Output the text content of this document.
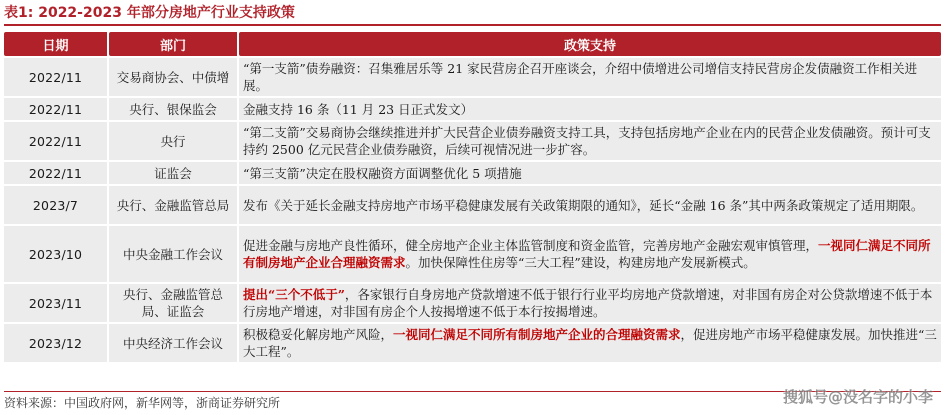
表1: 2022-2023 年部分房地产行业支持政策
日期	部门	政策支持
2022/11	交易商协会、中债增	“第一支箭”债券融资：召集雅居乐等 21 家民营房企召开座谈会，介绍中债增进公司增信支持民营房企发债融资工作相关进展。
2022/11	央行、银保监会	金融支持 16 条（11 月 23 日正式发文）
2022/11	央行	“第二支箭”交易商协会继续推进并扩大民营企业债券融资支持工具，支持包括房地产企业在内的民营企业发债融资。预计可支持约 2500 亿元民营企业债券融资，后续可视情况进一步扩容。
2022/11	证监会	“第三支箭”决定在股权融资方面调整优化 5 项措施
2023/7	央行、金融监管总局	发布《关于延长金融支持房地产市场平稳健康发展有关政策期限的通知》，延长“金融 16 条”其中两条政策规定了适用期限。
2023/10	中央金融工作会议	促进金融与房地产良性循环，健全房地产企业主体监管制度和资金监管，完善房地产金融宏观审慎管理，一视同仁满足不同所有制房地产企业合理融资需求。加快保障性住房等“三大工程”建设，构建房地产发展新模式。
2023/11	央行、金融监管总局、证监会	提出“三个不低于”，各家银行自身房地产贷款增速不低于银行行业平均房地产贷款增速，对非国有房企对公贷款增速不低于本行房地产增速，对非国有房企个人按揭增速不低于本行按揭增速。
2023/12	中央经济工作会议	积极稳妥化解房地产风险，一视同仁满足不同所有制房地产企业的合理融资需求，促进房地产市场平稳健康发展。加快推进“三大工程”。
资料来源：中国政府网，新华网等，浙商证券研究所	搜狐号@没名字的小李
